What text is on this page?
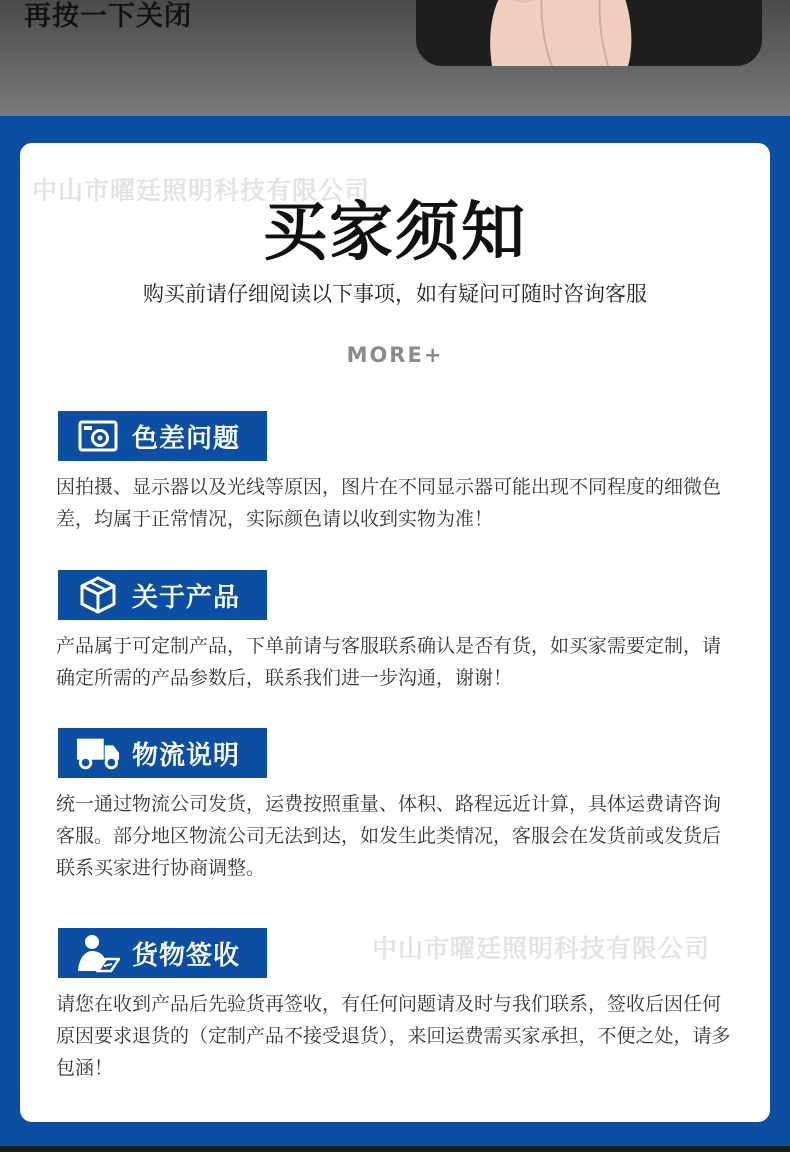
再按一下关闭
中山市曜廷照明科技有限公司
中山市曜廷照明科技有限公司
买家须知
购买前请仔细阅读以下事项，如有疑问可随时咨询客服
MORE+
色差问题
因拍摄、显示器以及光线等原因，图片在不同显示器可能出现不同程度的细微色差，均属于正常情况，实际颜色请以收到实物为准！
关于产品
产品属于可定制产品，下单前请与客服联系确认是否有货，如买家需要定制，请确定所需的产品参数后，联系我们进一步沟通，谢谢！
物流说明
统一通过物流公司发货，运费按照重量、体积、路程远近计算，具体运费请咨询客服。部分地区物流公司无法到达，如发生此类情况，客服会在发货前或发货后联系买家进行协商调整。
货物签收
请您在收到产品后先验货再签收，有任何问题请及时与我们联系，签收后因任何原因要求退货的（定制产品不接受退货），来回运费需买家承担，不便之处，请多包涵！
